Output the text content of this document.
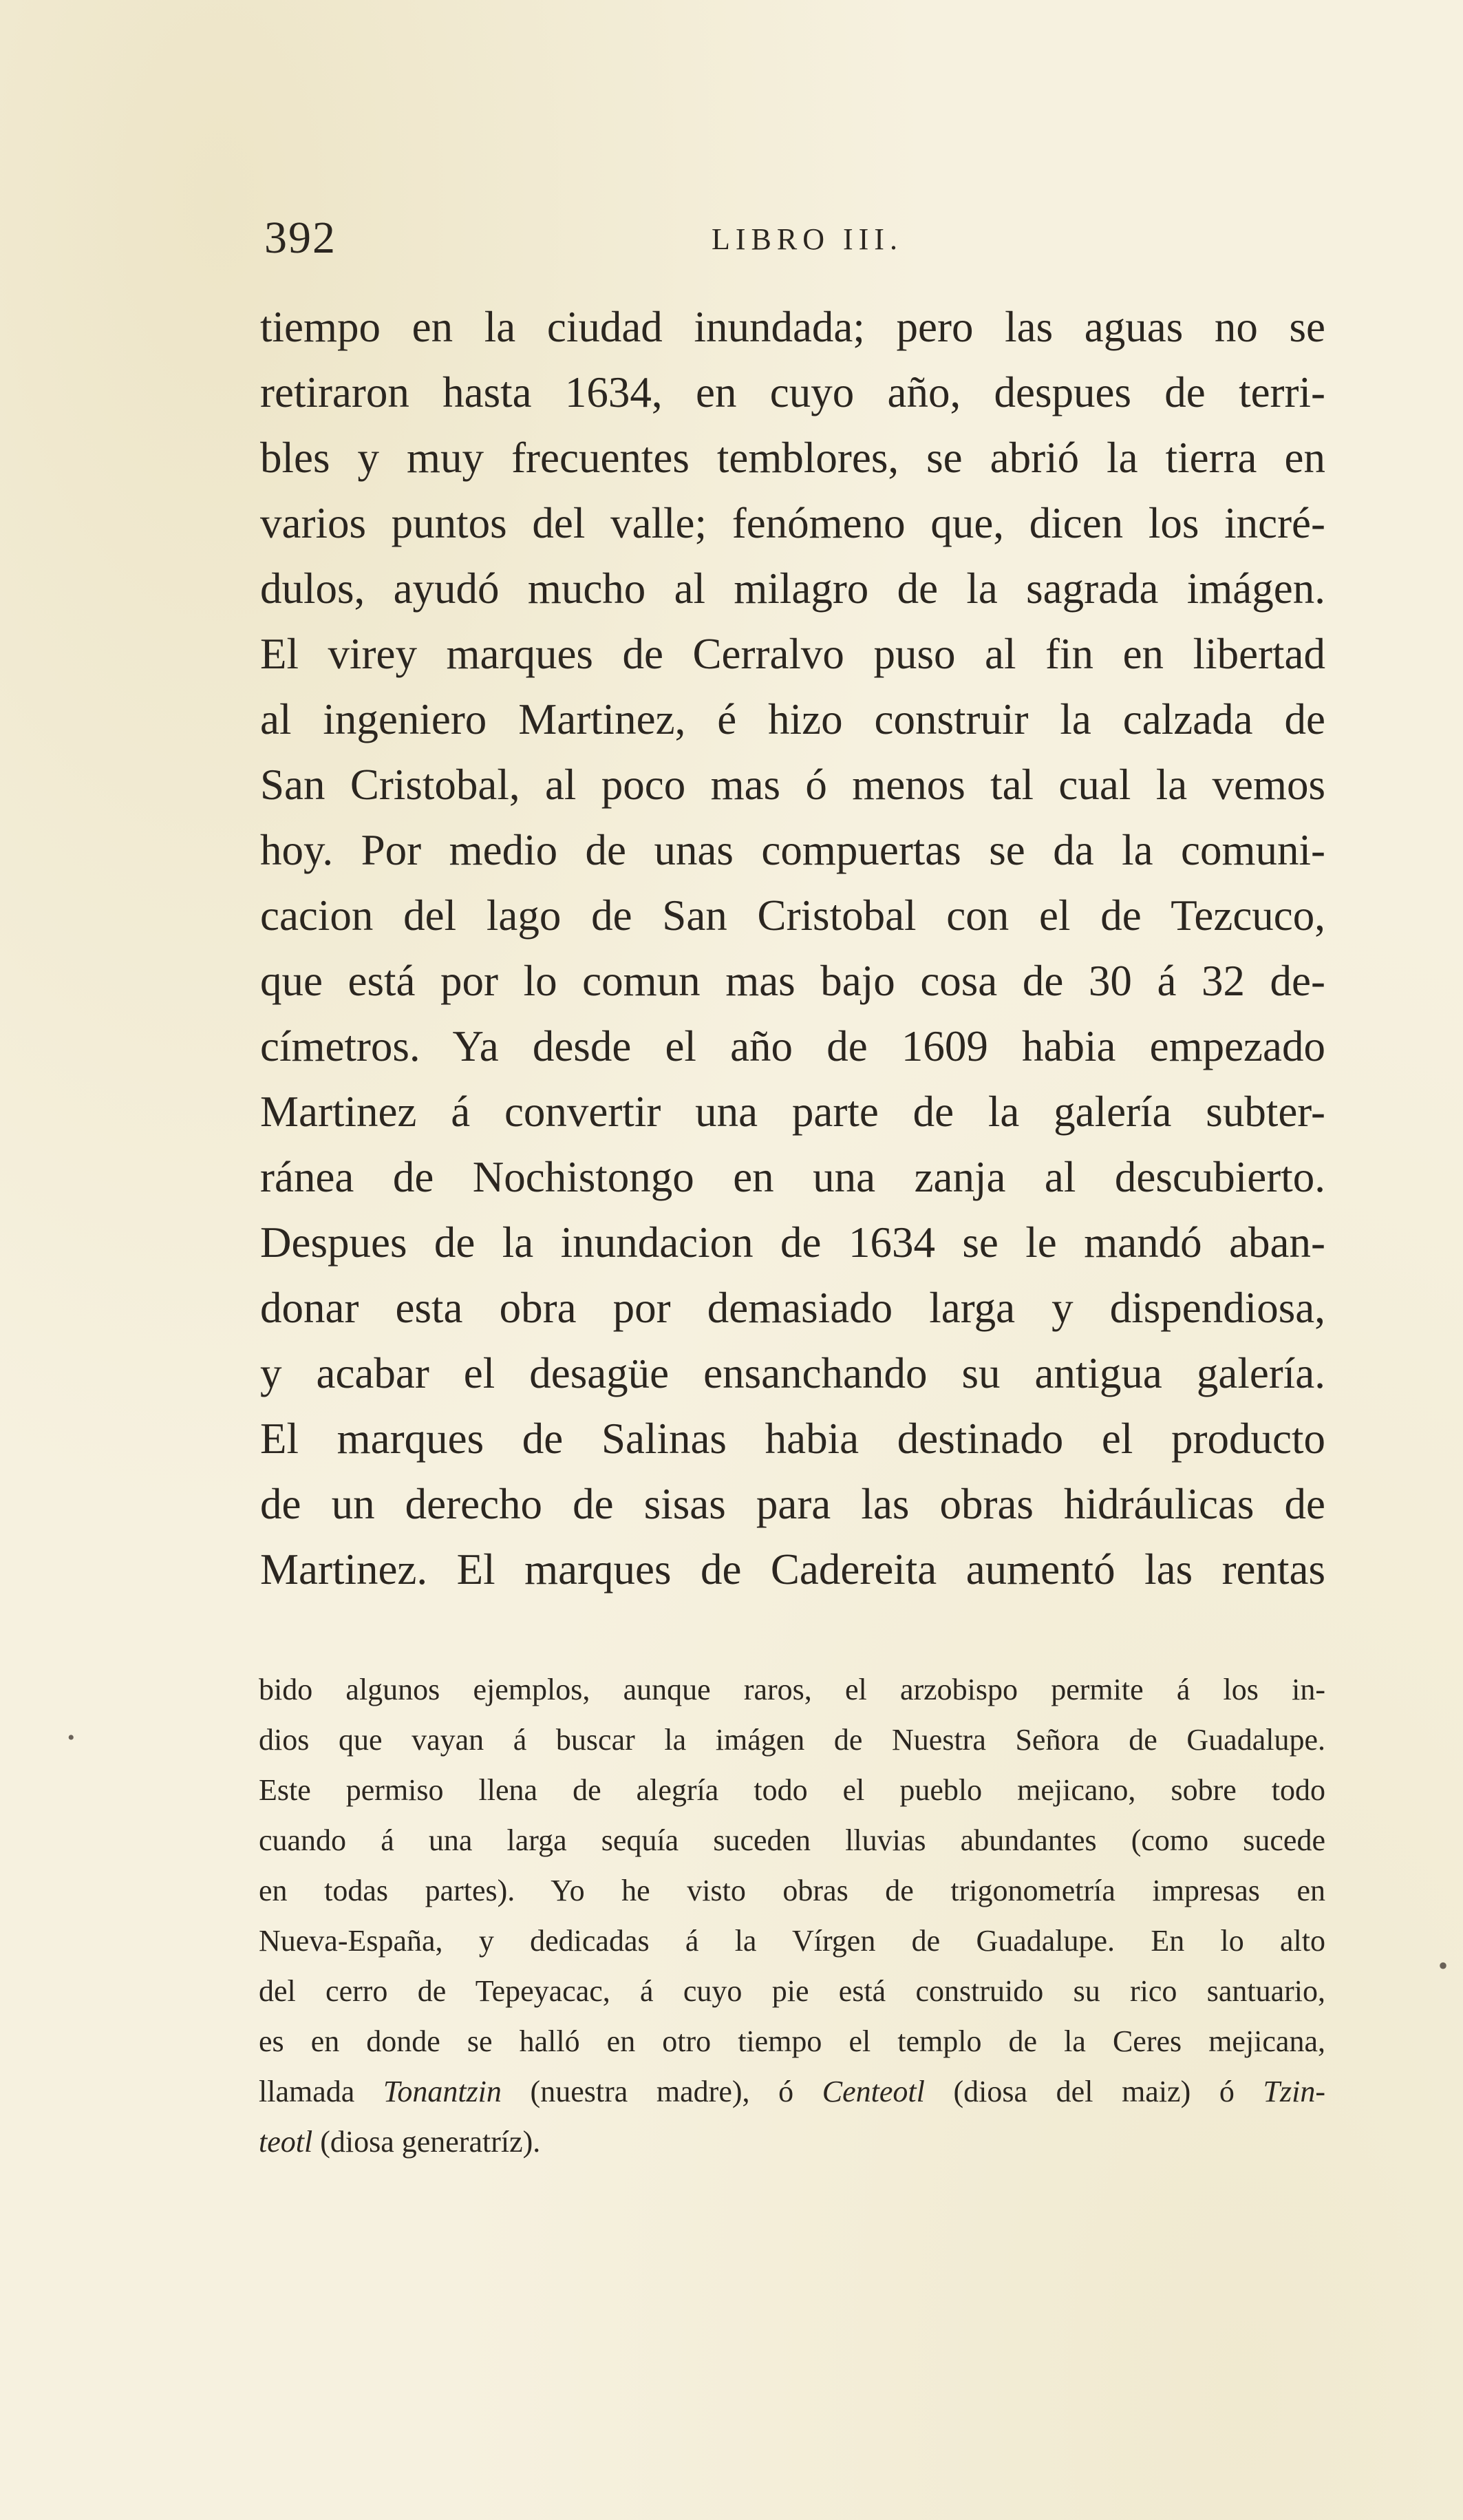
392	LIBRO III.
tiempo en la ciudad inundada; pero las aguas no se
retiraron hasta 1634, en cuyo año, despues de terri-
bles y muy frecuentes temblores, se abrió la tierra en
varios puntos del valle; fenómeno que, dicen los incré-
dulos, ayudó mucho al milagro de la sagrada imágen.
El virey marques de Cerralvo puso al fin en libertad
al ingeniero Martinez, é hizo construir la calzada de
San Cristobal, al poco mas ó menos tal cual la vemos
hoy. Por medio de unas compuertas se da la comuni-
cacion del lago de San Cristobal con el de Tezcuco,
que está por lo comun mas bajo cosa de 30 á 32 de-
címetros. Ya desde el año de 1609 habia empezado
Martinez á convertir una parte de la galería subter-
ránea de Nochistongo en una zanja al descubierto.
Despues de la inundacion de 1634 se le mandó aban-
donar esta obra por demasiado larga y dispendiosa,
y acabar el desagüe ensanchando su antigua galería.
El marques de Salinas habia destinado el producto
de un derecho de sisas para las obras hidráulicas de
Martinez. El marques de Cadereita aumentó las rentas
bido algunos ejemplos, aunque raros, el arzobispo permite á los in-
dios que vayan á buscar la imágen de Nuestra Señora de Guadalupe.
Este permiso llena de alegría todo el pueblo mejicano, sobre todo
cuando á una larga sequía suceden lluvias abundantes (como sucede
en todas partes). Yo he visto obras de trigonometría impresas en
Nueva-España, y dedicadas á la Vírgen de Guadalupe. En lo alto
del cerro de Tepeyacac, á cuyo pie está construido su rico santuario,
es en donde se halló en otro tiempo el templo de la Ceres mejicana,
llamada Tonantzin (nuestra madre), ó Centeotl (diosa del maiz) ó Tzin-
teotl (diosa generatríz).
•
•
